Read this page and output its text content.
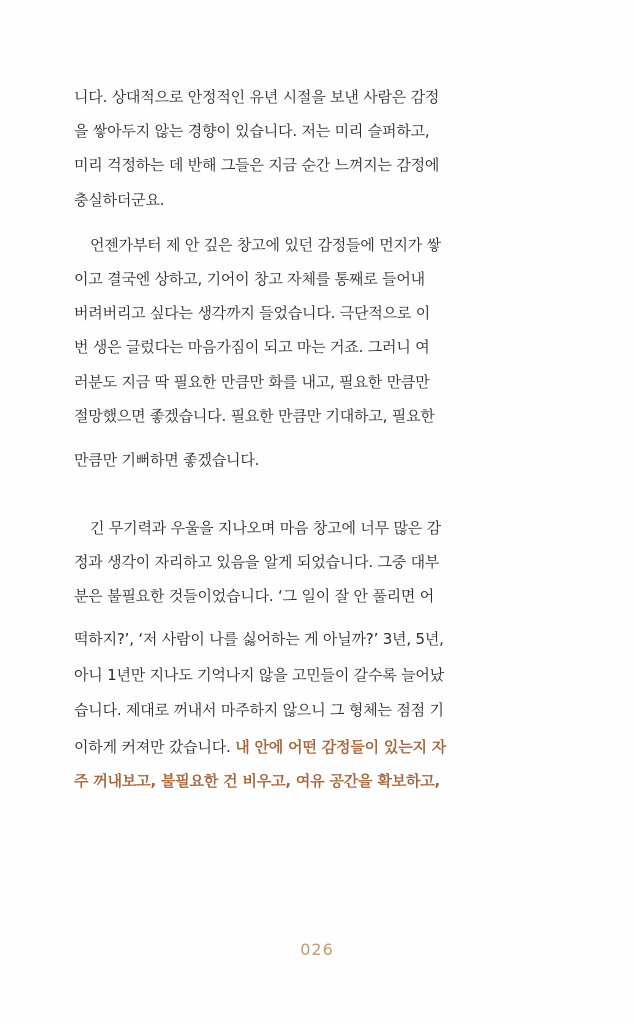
니다. 상대적으로 안정적인 유년 시절을 보낸 사람은 감정
을 쌓아두지 않는 경향이 있습니다. 저는 미리 슬퍼하고,
미리 걱정하는 데 반해 그들은 지금 순간 느껴지는 감정에
충실하더군요.
언젠가부터 제 안 깊은 창고에 있던 감정들에 먼지가 쌓
이고 결국엔 상하고, 기어이 창고 자체를 통째로 들어내
버려버리고 싶다는 생각까지 들었습니다. 극단적으로 이
번 생은 글렀다는 마음가짐이 되고 마는 거죠. 그러니 여
러분도 지금 딱 필요한 만큼만 화를 내고, 필요한 만큼만
절망했으면 좋겠습니다. 필요한 만큼만 기대하고, 필요한
만큼만 기뻐하면 좋겠습니다.
긴 무기력과 우울을 지나오며 마음 창고에 너무 많은 감
정과 생각이 자리하고 있음을 알게 되었습니다. 그중 대부
분은 불필요한 것들이었습니다. ‘그 일이 잘 안 풀리면 어
떡하지?’, ‘저 사람이 나를 싫어하는 게 아닐까?’ 3년, 5년,
아니 1년만 지나도 기억나지 않을 고민들이 갈수록 늘어났
습니다. 제대로 꺼내서 마주하지 않으니 그 형체는 점점 기
이하게 커져만 갔습니다. 내 안에 어떤 감정들이 있는지 자
주 꺼내보고, 불필요한 건 비우고, 여유 공간을 확보하고,
026
